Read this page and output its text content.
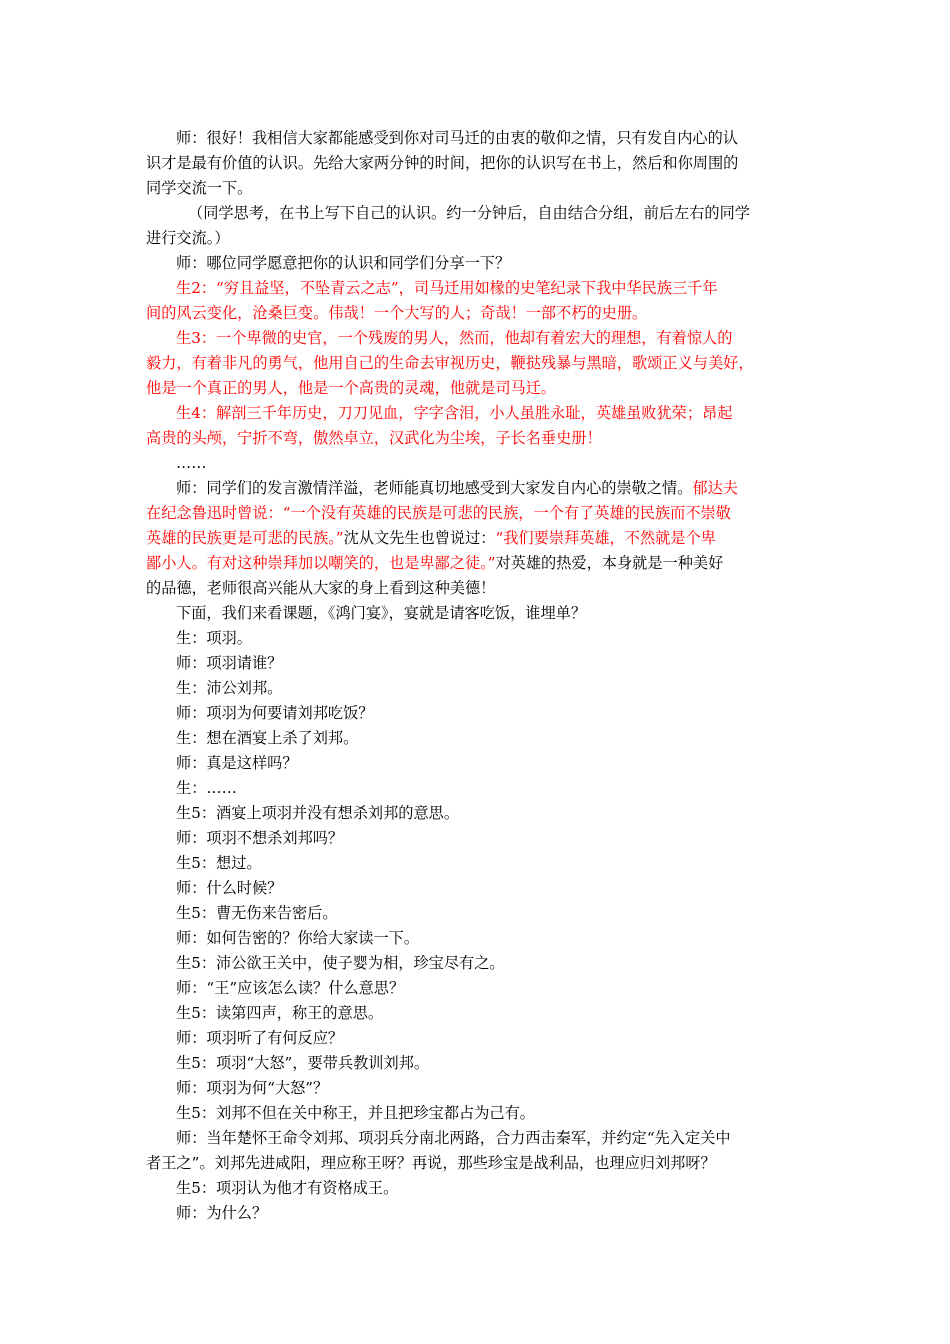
师：很好！我相信大家都能感受到你对司马迁的由衷的敬仰之情，只有发自内心的认
识才是最有价值的认识。先给大家两分钟的时间，把你的认识写在书上，然后和你周围的
同学交流一下。
（同学思考，在书上写下自己的认识。约一分钟后，自由结合分组，前后左右的同学
进行交流。）
师：哪位同学愿意把你的认识和同学们分享一下？
生2：“穷且益坚，不坠青云之志”，司马迁用如椽的史笔纪录下我中华民族三千年
间的风云变化，沧桑巨变。伟哉！一个大写的人；奇哉！一部不朽的史册。
生3：一个卑微的史官，一个残废的男人，然而，他却有着宏大的理想，有着惊人的
毅力，有着非凡的勇气，他用自己的生命去审视历史，鞭挞残暴与黑暗，歌颂正义与美好，
他是一个真正的男人，他是一个高贵的灵魂，他就是司马迁。
生4：解剖三千年历史，刀刀见血，字字含泪，小人虽胜永耻，英雄虽败犹荣；昂起
高贵的头颅，宁折不弯，傲然卓立，汉武化为尘埃，子长名垂史册！
……
师：同学们的发言激情洋溢，老师能真切地感受到大家发自内心的崇敬之情。郁达夫
在纪念鲁迅时曾说：“一个没有英雄的民族是可悲的民族，一个有了英雄的民族而不崇敬
英雄的民族更是可悲的民族。”沈从文先生也曾说过：“我们要崇拜英雄，不然就是个卑
鄙小人。有对这种崇拜加以嘲笑的，也是卑鄙之徒。”对英雄的热爱，本身就是一种美好
的品德，老师很高兴能从大家的身上看到这种美德！
下面，我们来看课题，《鸿门宴》，宴就是请客吃饭，谁埋单？
生：项羽。
师：项羽请谁？
生：沛公刘邦。
师：项羽为何要请刘邦吃饭？
生：想在酒宴上杀了刘邦。
师：真是这样吗？
生：……
生5：酒宴上项羽并没有想杀刘邦的意思。
师：项羽不想杀刘邦吗？
生5：想过。
师：什么时候？
生5：曹无伤来告密后。
师：如何告密的？你给大家读一下。
生5：沛公欲王关中，使子婴为相，珍宝尽有之。
师：“王”应该怎么读？什么意思？
生5：读第四声，称王的意思。
师：项羽听了有何反应？
生5：项羽“大怒”，要带兵教训刘邦。
师：项羽为何“大怒”？
生5：刘邦不但在关中称王，并且把珍宝都占为己有。
师：当年楚怀王命令刘邦、项羽兵分南北两路，合力西击秦军，并约定“先入定关中
者王之”。刘邦先进咸阳，理应称王呀？再说，那些珍宝是战利品，也理应归刘邦呀？
生5：项羽认为他才有资格成王。
师：为什么？
